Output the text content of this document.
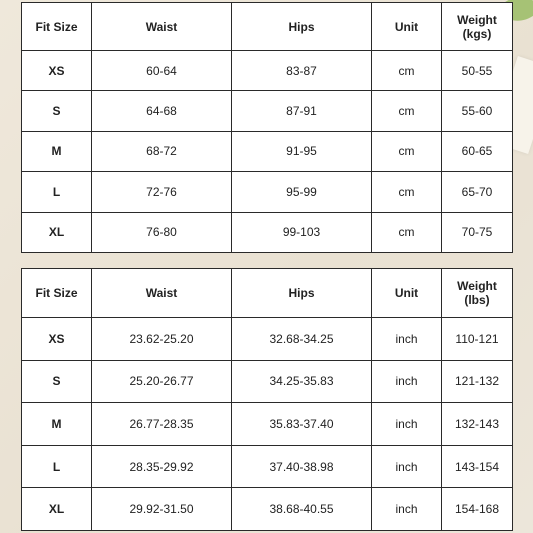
Fit Size	Waist	Hips	Unit	Weight
(kgs)

XS	60-64	83-87	cm	50-55
S	64-68	87-91	cm	55-60
M	68-72	91-95	cm	60-65
L	72-76	95-99	cm	65-70
XL	76-80	99-103	cm	70-75
Fit Size	Waist	Hips	Unit	Weight
(lbs)

XS	23.62-25.20	32.68-34.25	inch	110-121
S	25.20-26.77	34.25-35.83	inch	121-132
M	26.77-28.35	35.83-37.40	inch	132-143
L	28.35-29.92	37.40-38.98	inch	143-154
XL	29.92-31.50	38.68-40.55	inch	154-168
